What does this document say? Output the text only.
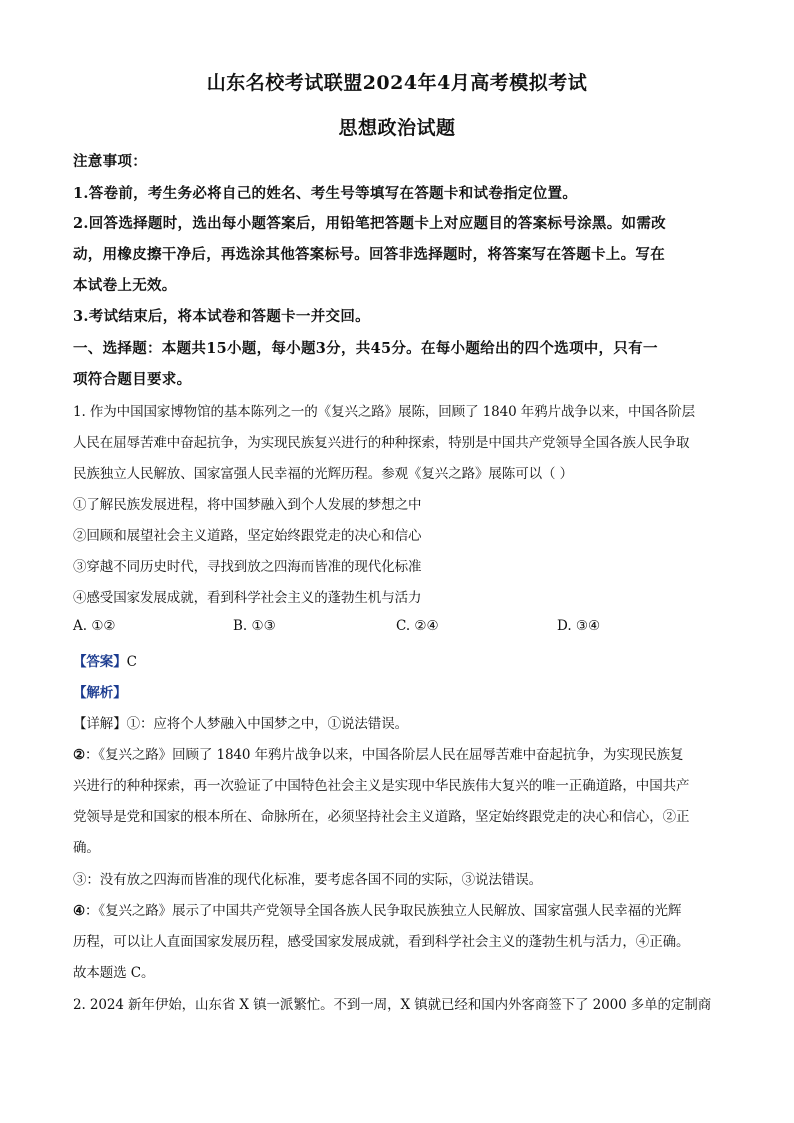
山东名校考试联盟2024年4月高考模拟考试
思想政治试题
注意事项：
1.答卷前，考生务必将自己的姓名、考生号等填写在答题卡和试卷指定位置。
2.回答选择题时，选出每小题答案后，用铅笔把答题卡上对应题目的答案标号涂黑。如需改
动，用橡皮擦干净后，再选涂其他答案标号。回答非选择题时，将答案写在答题卡上。写在
本试卷上无效。
3.考试结束后，将本试卷和答题卡一并交回。
一、选择题：本题共15小题，每小题3分，共45分。在每小题给出的四个选项中，只有一
项符合题目要求。
1. 作为中国国家博物馆的基本陈列之一的《复兴之路》展陈，回顾了 1840 年鸦片战争以来，中国各阶层
人民在屈辱苦难中奋起抗争，为实现民族复兴进行的种种探索，特别是中国共产党领导全国各族人民争取
民族独立人民解放、国家富强人民幸福的光辉历程。参观《复兴之路》展陈可以（ ）
①了解民族发展进程，将中国梦融入到个人发展的梦想之中
②回顾和展望社会主义道路，坚定始终跟党走的决心和信心
③穿越不同历史时代，寻找到放之四海而皆准的现代化标准
④感受国家发展成就，看到科学社会主义的蓬勃生机与活力
A. ①②	B. ①③	C. ②④	D. ③④
【答案】C
【解析】
【详解】①：应将个人梦融入中国梦之中，①说法错误。
②：《复兴之路》回顾了 1840 年鸦片战争以来，中国各阶层人民在屈辱苦难中奋起抗争，为实现民族复
兴进行的种种探索，再一次验证了中国特色社会主义是实现中华民族伟大复兴的唯一正确道路，中国共产
党领导是党和国家的根本所在、命脉所在，必须坚持社会主义道路，坚定始终跟党走的决心和信心，②正
确。
③：没有放之四海而皆准的现代化标准，要考虑各国不同的实际，③说法错误。
④：《复兴之路》展示了中国共产党领导全国各族人民争取民族独立人民解放、国家富强人民幸福的光辉
历程，可以让人直面国家发展历程，感受国家发展成就，看到科学社会主义的蓬勃生机与活力，④正确。
故本题选 C。
2. 2024 新年伊始，山东省 X 镇一派繁忙。不到一周，X 镇就已经和国内外客商签下了 2000 多单的定制商
